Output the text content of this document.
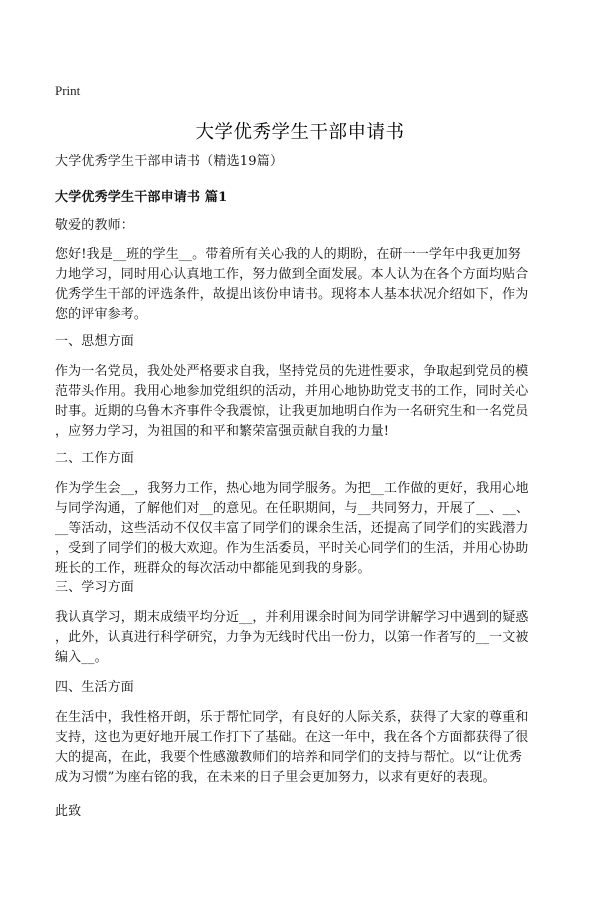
Print
大学优秀学生干部申请书
大学优秀学生干部申请书（精选19篇）
大学优秀学生干部申请书 篇1
敬爱的教师：
您好!我是__班的学生__。带着所有关心我的人的期盼，在研一一学年中我更加努
力地学习，同时用心认真地工作，努力做到全面发展。本人认为在各个方面均贴合
优秀学生干部的评选条件，故提出该份申请书。现将本人基本状况介绍如下，作为
您的评审参考。
一、思想方面
作为一名党员，我处处严格要求自我，坚持党员的先进性要求，争取起到党员的模
范带头作用。我用心地参加党组织的活动，并用心地协助党支书的工作，同时关心
时事。近期的乌鲁木齐事件令我震惊，让我更加地明白作为一名研究生和一名党员
，应努力学习，为祖国的和平和繁荣富强贡献自我的力量!
二、工作方面
作为学生会__，我努力工作，热心地为同学服务。为把__工作做的更好，我用心地
与同学沟通，了解他们对__的意见。在任职期间，与__共同努力，开展了__、__、
__等活动，这些活动不仅仅丰富了同学们的课余生活，还提高了同学们的实践潜力
，受到了同学们的极大欢迎。作为生活委员，平时关心同学们的生活，并用心协助
班长的工作，班群众的每次活动中都能见到我的身影。
三、学习方面
我认真学习，期末成绩平均分近__，并利用课余时间为同学讲解学习中遇到的疑惑
，此外，认真进行科学研究，力争为无线时代出一份力，以第一作者写的__一文被
编入__。
四、生活方面
在生活中，我性格开朗，乐于帮忙同学，有良好的人际关系，获得了大家的尊重和
支持，这也为更好地开展工作打下了基础。在这一年中，我在各个方面都获得了很
大的提高，在此，我要个性感激教师们的培养和同学们的支持与帮忙。以“让优秀
成为习惯”为座右铭的我，在未来的日子里会更加努力，以求有更好的表现。
此致
